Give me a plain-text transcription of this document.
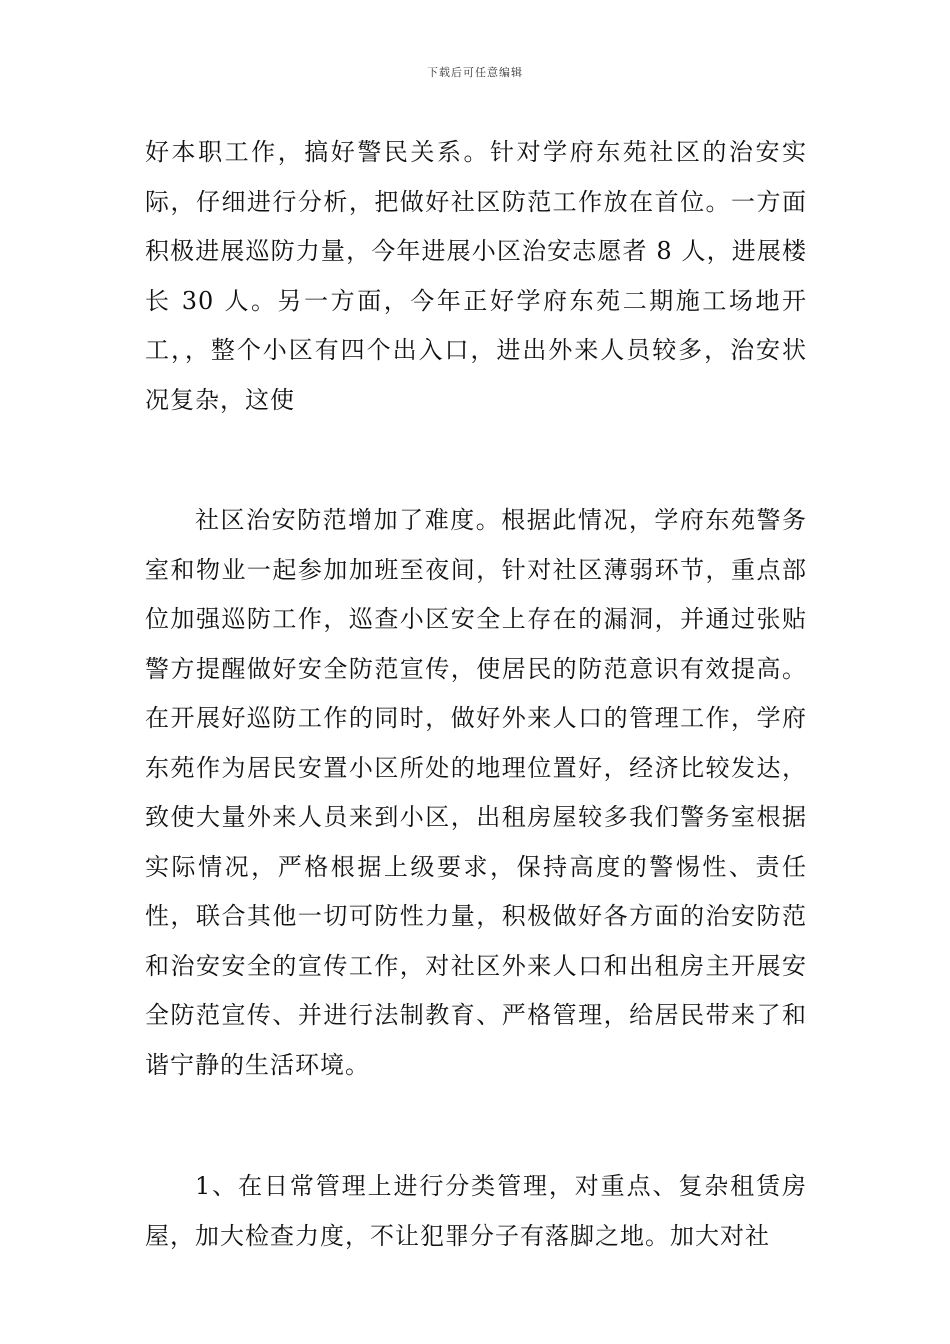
下载后可任意编辑

好本职工作，搞好警民关系。针对学府东苑社区的治安实际，仔细进行分析，把做好社区防范工作放在首位。一方面积极进展巡防力量，今年进展小区治安志愿者 8 人，进展楼长 30 人。另一方面，今年正好学府东苑二期施工场地开工，，整个小区有四个出入口，进出外来人员较多，治安状况复杂，这使

社区治安防范增加了难度。根据此情况，学府东苑警务室和物业一起参加加班至夜间，针对社区薄弱环节，重点部位加强巡防工作，巡查小区安全上存在的漏洞，并通过张贴警方提醒做好安全防范宣传，使居民的防范意识有效提高。在开展好巡防工作的同时，做好外来人口的管理工作，学府东苑作为居民安置小区所处的地理位置好，经济比较发达，致使大量外来人员来到小区，出租房屋较多我们警务室根据实际情况，严格根据上级要求，保持高度的警惕性、责任性，联合其他一切可防性力量，积极做好各方面的治安防范和治安安全的宣传工作，对社区外来人口和出租房主开展安全防范宣传、并进行法制教育、严格管理，给居民带来了和谐宁静的生活环境。

1、在日常管理上进行分类管理，对重点、复杂租赁房屋，加大检查力度，不让犯罪分子有落脚之地。加大对社
